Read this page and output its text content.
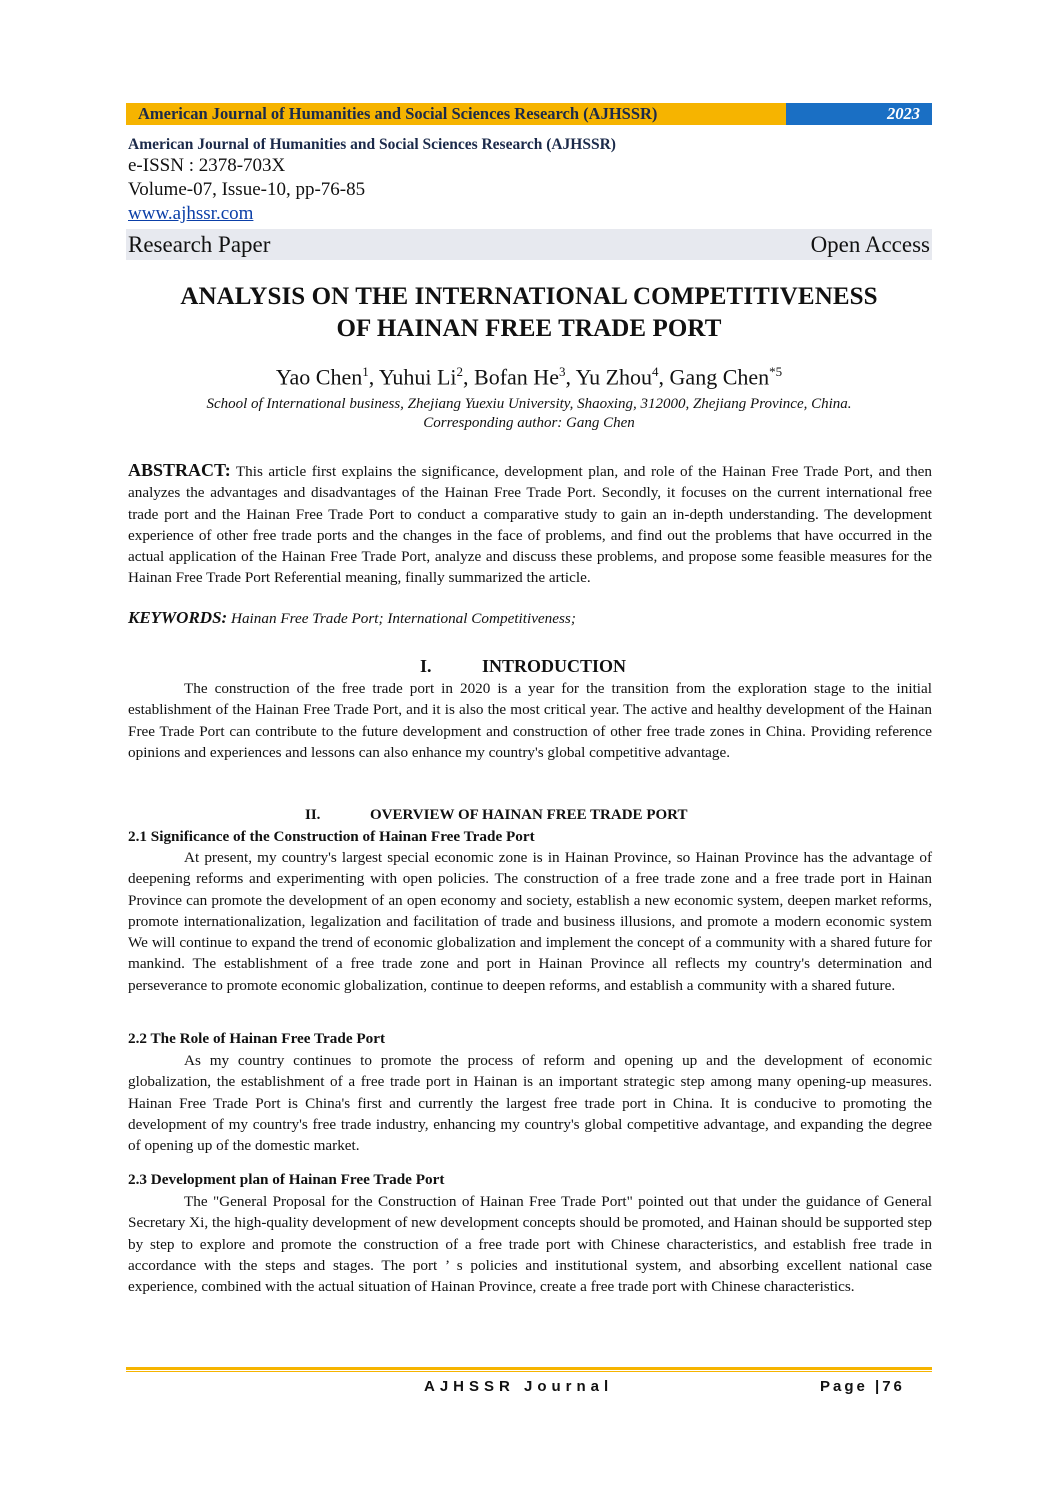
American Journal of Humanities and Social Sciences Research (AJHSSR)	2023
American Journal of Humanities and Social Sciences Research (AJHSSR)
e-ISSN : 2378-703X
Volume-07, Issue-10, pp-76-85
www.ajhssr.com
Research Paper	Open Access
ANALYSIS ON THE INTERNATIONAL COMPETITIVENESS
OF HAINAN FREE TRADE PORT
Yao Chen$^1$, Yuhui Li$^2$, Bofan He$^3$, Yu Zhou$^4$, Gang Chen$^{*5}$
School of International business, Zhejiang Yuexiu University, Shaoxing, 312000, Zhejiang Province, China.
Corresponding author: Gang Chen
ABSTRACT: This article first explains the significance, development plan, and role of the Hainan Free Trade Port, and then analyzes the advantages and disadvantages of the Hainan Free Trade Port. Secondly, it focuses on the current international free trade port and the Hainan Free Trade Port to conduct a comparative study to gain an in-depth understanding. The development experience of other free trade ports and the changes in the face of problems, and find out the problems that have occurred in the actual application of the Hainan Free Trade Port, analyze and discuss these problems, and propose some feasible measures for the Hainan Free Trade Port Referential meaning, finally summarized the article.
KEYWORDS: Hainan Free Trade Port; International Competitiveness;
I.	INTRODUCTION
The construction of the free trade port in 2020 is a year for the transition from the exploration stage to the initial establishment of the Hainan Free Trade Port, and it is also the most critical year. The active and healthy development of the Hainan Free Trade Port can contribute to the future development and construction of other free trade zones in China. Providing reference opinions and experiences and lessons can also enhance my country's global competitive advantage.
II.	OVERVIEW OF HAINAN FREE TRADE PORT
2.1 Significance of the Construction of Hainan Free Trade Port
At present, my country's largest special economic zone is in Hainan Province, so Hainan Province has the advantage of deepening reforms and experimenting with open policies. The construction of a free trade zone and a free trade port in Hainan Province can promote the development of an open economy and society, establish a new economic system, deepen market reforms, promote internationalization, legalization and facilitation of trade and business illusions, and promote a modern economic system We will continue to expand the trend of economic globalization and implement the concept of a community with a shared future for mankind. The establishment of a free trade zone and port in Hainan Province all reflects my country's determination and perseverance to promote economic globalization, continue to deepen reforms, and establish a community with a shared future.
2.2 The Role of Hainan Free Trade Port
As my country continues to promote the process of reform and opening up and the development of economic globalization, the establishment of a free trade port in Hainan is an important strategic step among many opening-up measures. Hainan Free Trade Port is China's first and currently the largest free trade port in China. It is conducive to promoting the development of my country's free trade industry, enhancing my country's global competitive advantage, and expanding the degree of opening up of the domestic market.
2.3 Development plan of Hainan Free Trade Port
The "General Proposal for the Construction of Hainan Free Trade Port" pointed out that under the guidance of General Secretary Xi, the high-quality development of new development concepts should be promoted, and Hainan should be supported step by step to explore and promote the construction of a free trade port with Chinese characteristics, and establish free trade in accordance with the steps and stages. The port ’ s policies and institutional system, and absorbing excellent national case experience, combined with the actual situation of Hainan Province, create a free trade port with Chinese characteristics.
AJHSSR Journal	Page |76
